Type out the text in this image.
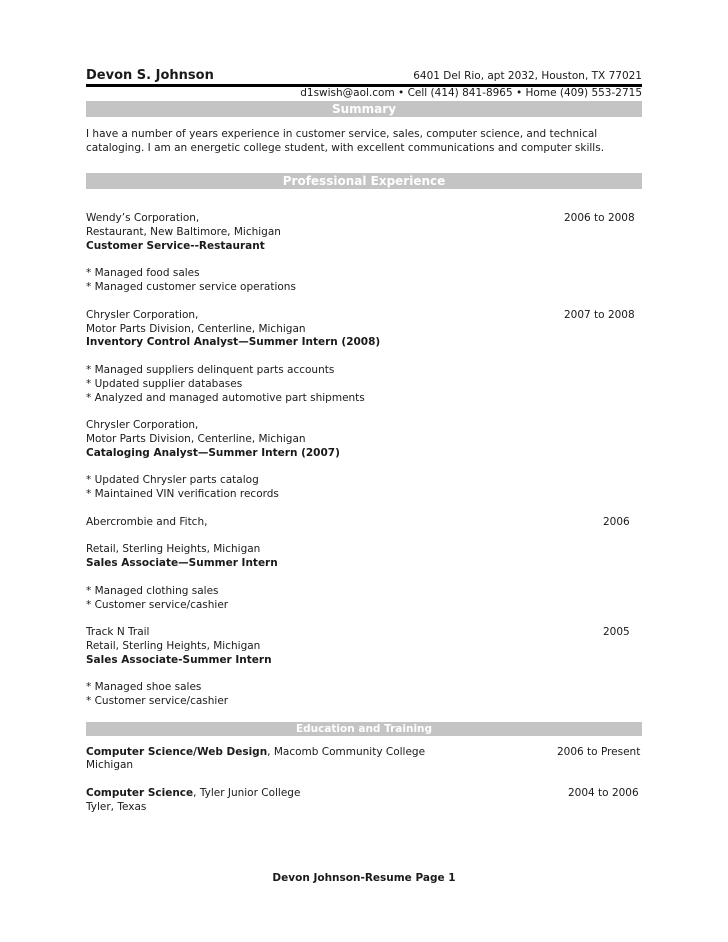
Devon S. Johnson	6401 Del Rio, apt 2032, Houston, TX 77021
d1swish@aol.com • Cell (414) 841-8965 • Home (409) 553-2715
Summary
I have a number of years experience in customer service, sales, computer science, and technical
cataloging. I am an energetic college student, with excellent communications and computer skills.
Professional Experience
Wendy’s Corporation,	2006 to 2008
Restaurant, New Baltimore, Michigan
Customer Service--Restaurant
* Managed food sales
* Managed customer service operations
Chrysler Corporation,	2007 to 2008
Motor Parts Division, Centerline, Michigan
Inventory Control Analyst—Summer Intern (2008)
* Managed suppliers delinquent parts accounts
* Updated supplier databases
* Analyzed and managed automotive part shipments
Chrysler Corporation,
Motor Parts Division, Centerline, Michigan
Cataloging Analyst—Summer Intern (2007)
* Updated Chrysler parts catalog
* Maintained VIN verification records
Abercrombie and Fitch,	2006
Retail, Sterling Heights, Michigan
Sales Associate—Summer Intern
* Managed clothing sales
* Customer service/cashier
Track N Trail	2005
Retail, Sterling Heights, Michigan
Sales Associate-Summer Intern
* Managed shoe sales
* Customer service/cashier
Education and Training
Computer Science/Web Design, Macomb Community College	2006 to Present
Michigan
Computer Science, Tyler Junior College	2004 to 2006
Tyler, Texas
Devon Johnson-Resume Page 1
